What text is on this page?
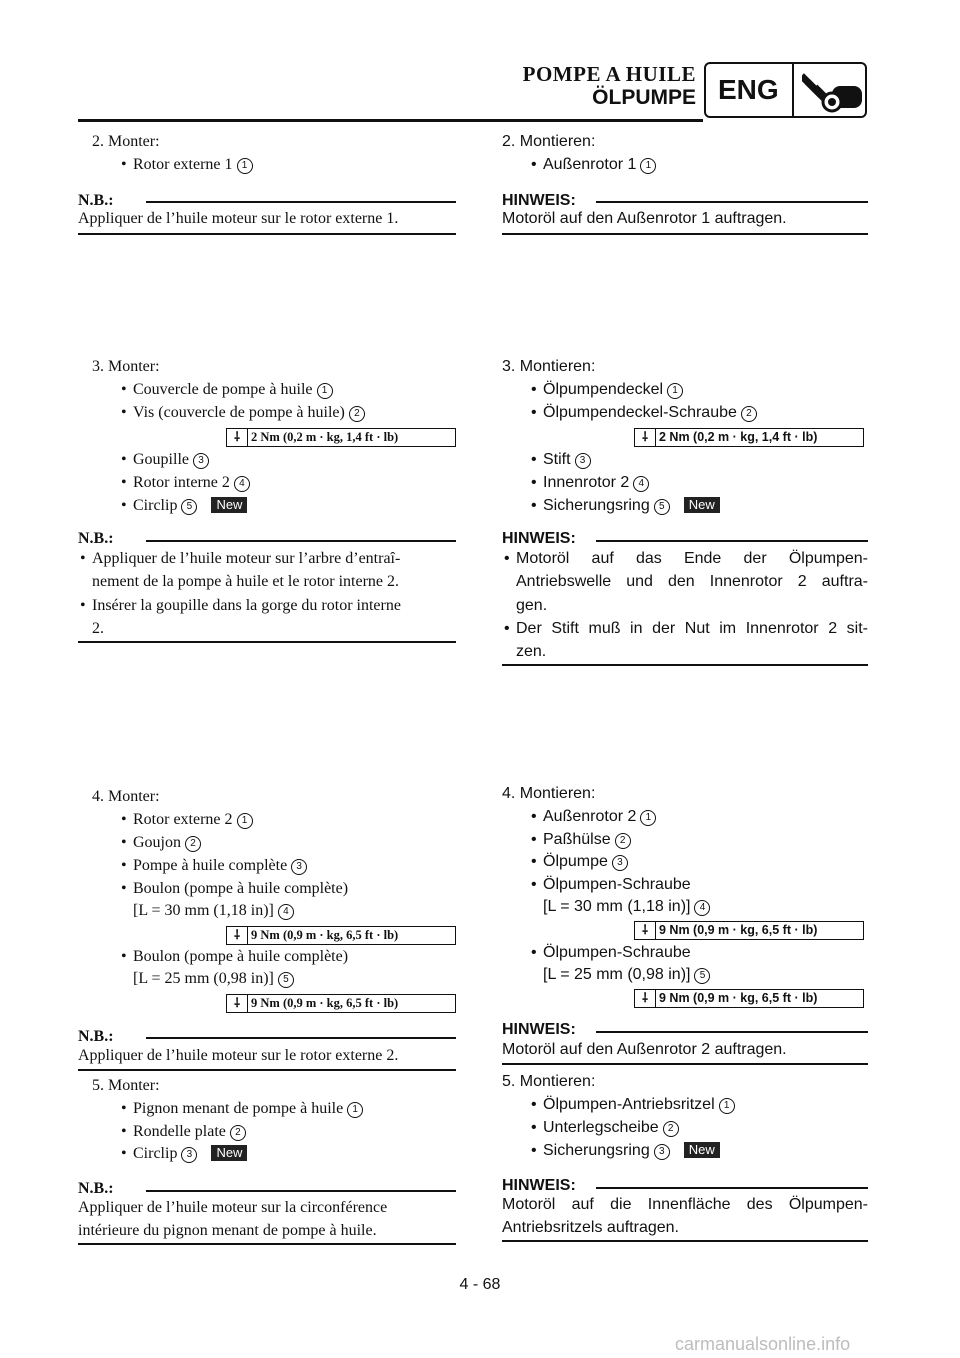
POMPE A HUILE
ÖLPUMPE ENG
2. Monter:
• Rotor externe 1 1
N.B.:
Appliquer de l’huile moteur sur le rotor externe 1.
3. Monter:
• Couvercle de pompe à huile 1
• Vis (couvercle de pompe à huile) 2
⸸ 2 Nm (0,2 m · kg, 1,4 ft · lb)
• Goupille 3
• Rotor interne 2 4
• Circlip 5 New
N.B.:
• Appliquer de l’huile moteur sur l’arbre d’entraî-
nement de la pompe à huile et le rotor interne 2.
• Insérer la goupille dans la gorge du rotor interne
2.
4. Monter:
• Rotor externe 2 1
• Goujon 2
• Pompe à huile complète 3
• Boulon (pompe à huile complète)
[L = 30 mm (1,18 in)] 4
⸸ 9 Nm (0,9 m · kg, 6,5 ft · lb)
• Boulon (pompe à huile complète)
[L = 25 mm (0,98 in)] 5
⸸ 9 Nm (0,9 m · kg, 6,5 ft · lb)
N.B.:
Appliquer de l’huile moteur sur le rotor externe 2.
5. Monter:
• Pignon menant de pompe à huile 1
• Rondelle plate 2
• Circlip 3 New
N.B.:
Appliquer de l’huile moteur sur la circonférence
intérieure du pignon menant de pompe à huile.
2. Montieren:
• Außenrotor 1 1
HINWEIS:
Motoröl auf den Außenrotor 1 auftragen.
3. Montieren:
• Ölpumpendeckel 1
• Ölpumpendeckel-Schraube 2
⸸ 2 Nm (0,2 m · kg, 1,4 ft · lb)
• Stift 3
• Innenrotor 2 4
• Sicherungsring 5 New
HINWEIS:
• Motoröl auf das Ende der Ölpumpen-
Antriebswelle und den Innenrotor 2 auftra-
gen.
• Der Stift muß in der Nut im Innenrotor 2 sit-
zen.
4. Montieren:
• Außenrotor 2 1
• Paßhülse 2
• Ölpumpe 3
• Ölpumpen-Schraube
[L = 30 mm (1,18 in)] 4
⸸ 9 Nm (0,9 m · kg, 6,5 ft · lb)
• Ölpumpen-Schraube
[L = 25 mm (0,98 in)] 5
⸸ 9 Nm (0,9 m · kg, 6,5 ft · lb)
HINWEIS:
Motoröl auf den Außenrotor 2 auftragen.
5. Montieren:
• Ölpumpen-Antriebsritzel 1
• Unterlegscheibe 2
• Sicherungsring 3 New
HINWEIS:
Motoröl auf die Innenfläche des Ölpumpen-
Antriebsritzels auftragen.
4 - 68
carmanualsonline.info
